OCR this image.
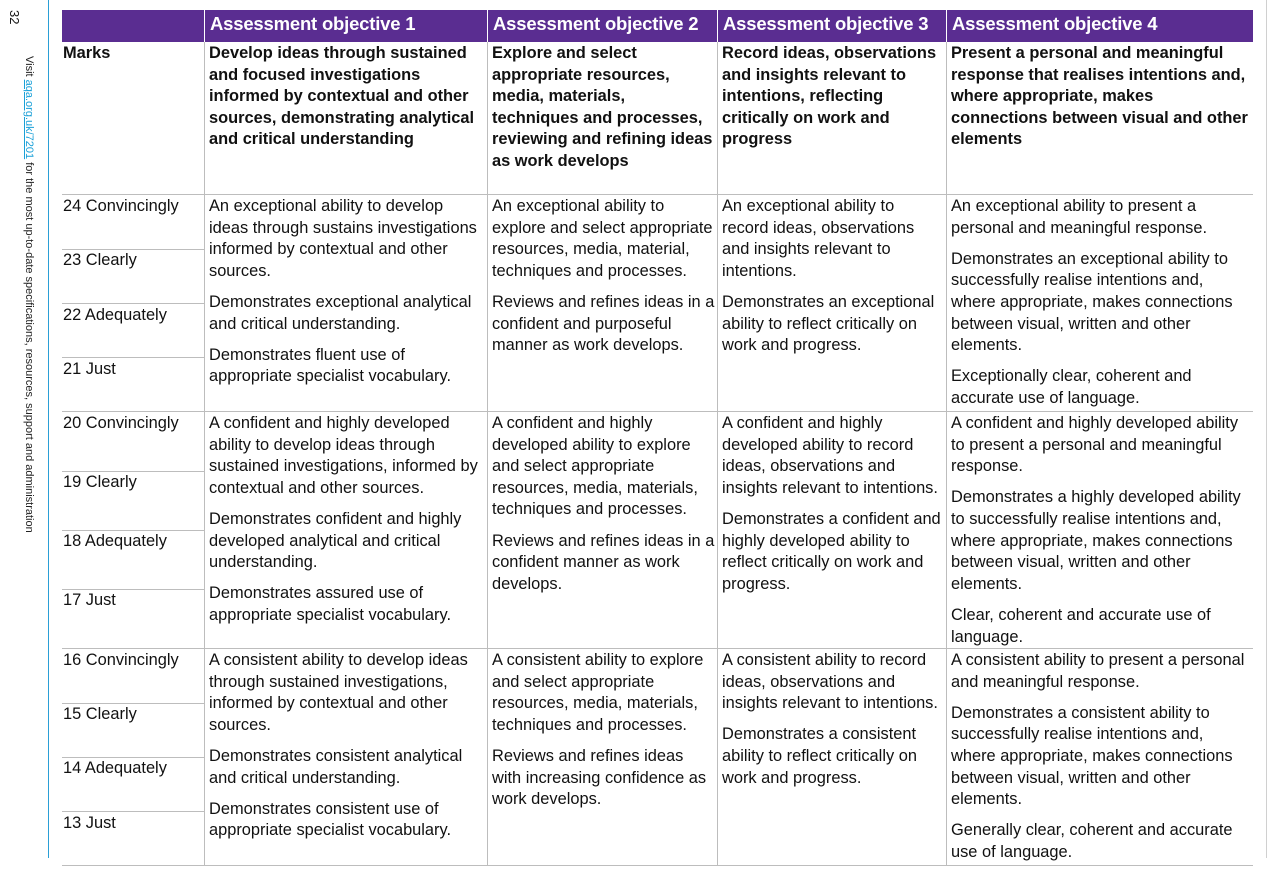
32
Visit aqa.org.uk/7201 for the most up-to-date specifications, resources, support and administration
Assessment objective 1	Assessment objective 2 Assessment objective 3 Assessment objective 4
Marks	Develop ideas through sustained and focused investigations informed by contextual and other sources, demonstrating analytical and critical understanding
Explore and select appropriate resources, media, materials, techniques and processes, reviewing and refining ideas as work develops
Record ideas, observations and insights relevant to intentions, reflecting critically on work and progress
Present a personal and meaningful response that realises intentions and, where appropriate, makes connections between visual and other elements
24 Convincingly
23 Clearly
22 Adequately
21 Just

An exceptional ability to develop ideas through sustains investigations informed by contextual and other sources.

Demonstrates exceptional analytical and critical understanding.

Demonstrates fluent use of appropriate specialist vocabulary.

An exceptional ability to explore and select appropriate resources, media, material, techniques and processes.

Reviews and refines ideas in a confident and purposeful manner as work develops.

An exceptional ability to record ideas, observations and insights relevant to intentions.

Demonstrates an exceptional ability to reflect critically on work and progress.

An exceptional ability to present a personal and meaningful response.

Demonstrates an exceptional ability to successfully realise intentions and, where appropriate, makes connections between visual, written and other elements.

Exceptionally clear, coherent and accurate use of language.

20 Convincingly
19 Clearly
18 Adequately
17 Just

A confident and highly developed ability to develop ideas through sustained investigations, informed by contextual and other sources.

Demonstrates confident and highly developed analytical and critical understanding.

Demonstrates assured use of appropriate specialist vocabulary.

A confident and highly developed ability to explore and select appropriate resources, media, materials, techniques and processes.

Reviews and refines ideas in a confident manner as work develops.

A confident and highly developed ability to record ideas, observations and insights relevant to intentions.

Demonstrates a confident and highly developed ability to reflect critically on work and progress.

A confident and highly developed ability to present a personal and meaningful response.

Demonstrates a highly developed ability to successfully realise intentions and, where appropriate, makes connections between visual, written and other elements.

Clear, coherent and accurate use of language.

16 Convincingly
15 Clearly
14 Adequately
13 Just

A consistent ability to develop ideas through sustained investigations, informed by contextual and other sources.

Demonstrates consistent analytical and critical understanding.

Demonstrates consistent use of appropriate specialist vocabulary.

A consistent ability to explore and select appropriate resources, media, materials, techniques and processes.

Reviews and refines ideas with increasing confidence as work develops.

A consistent ability to record ideas, observations and insights relevant to intentions.

Demonstrates a consistent ability to reflect critically on work and progress.

A consistent ability to present a personal and meaningful response.

Demonstrates a consistent ability to successfully realise intentions and, where appropriate, makes connections between visual, written and other elements.

Generally clear, coherent and accurate use of language.
